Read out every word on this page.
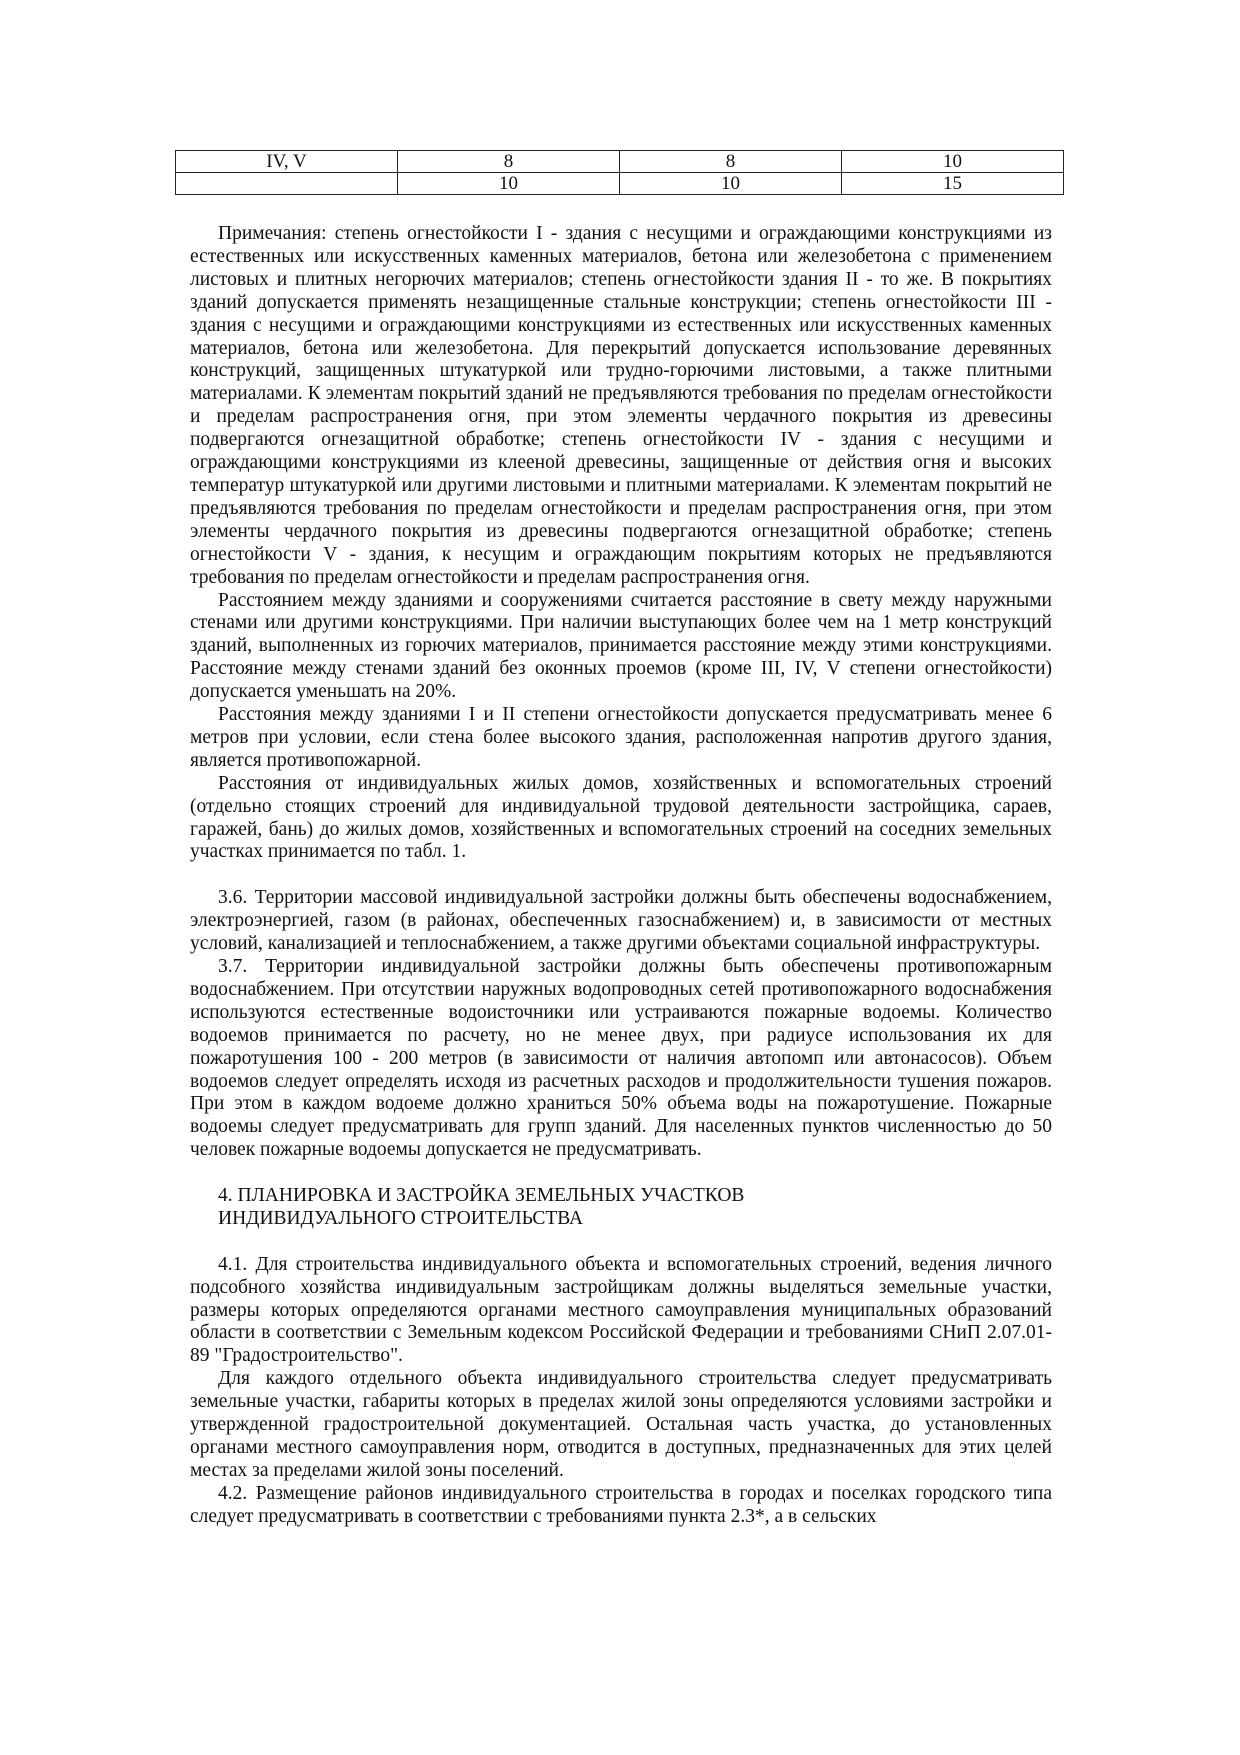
IV, V	8	8	10
	10	10	15

Примечания: степень огнестойкости I - здания с несущими и ограждающими конструкциями из естественных или искусственных каменных материалов, бетона или железобетона с применением листовых и плитных негорючих материалов; степень огнестойкости здания II - то же. В покрытиях зданий допускается применять незащищенные стальные конструкции; степень огнестойкости III - здания с несущими и ограждающими конструкциями из естественных или искусственных каменных материалов, бетона или железобетона. Для перекрытий допускается использование деревянных конструкций, защищенных штукатуркой или трудно-горючими листовыми, а также плитными материалами. К элементам покрытий зданий не предъявляются требования по пределам огнестойкости и пределам распространения огня, при этом элементы чердачного покрытия из древесины подвергаются огнезащитной обработке; степень огнестойкости IV - здания с несущими и ограждающими конструкциями из клееной древесины, защищенные от действия огня и высоких температур штукатуркой или другими листовыми и плитными материалами. К элементам покрытий не предъявляются требования по пределам огнестойкости и пределам распространения огня, при этом элементы чердачного покрытия из древесины подвергаются огнезащитной обработке; степень огнестойкости V - здания, к несущим и ограждающим покрытиям которых не предъявляются требования по пределам огнестойкости и пределам распространения огня.

Расстоянием между зданиями и сооружениями считается расстояние в свету между наружными стенами или другими конструкциями. При наличии выступающих более чем на 1 метр конструкций зданий, выполненных из горючих материалов, принимается расстояние между этими конструкциями. Расстояние между стенами зданий без оконных проемов (кроме III, IV, V степени огнестойкости) допускается уменьшать на 20%.

Расстояния между зданиями I и II степени огнестойкости допускается предусматривать менее 6 метров при условии, если стена более высокого здания, расположенная напротив другого здания, является противопожарной.

Расстояния от индивидуальных жилых домов, хозяйственных и вспомогательных строений (отдельно стоящих строений для индивидуальной трудовой деятельности застройщика, сараев, гаражей, бань) до жилых домов, хозяйственных и вспомогательных строений на соседних земельных участках принимается по табл. 1.

3.6. Территории массовой индивидуальной застройки должны быть обеспечены водоснабжением, электроэнергией, газом (в районах, обеспеченных газоснабжением) и, в зависимости от местных условий, канализацией и теплоснабжением, а также другими объектами социальной инфраструктуры.

3.7. Территории индивидуальной застройки должны быть обеспечены противопожарным водоснабжением. При отсутствии наружных водопроводных сетей противопожарного водоснабжения используются естественные водоисточники или устраиваются пожарные водоемы. Количество водоемов принимается по расчету, но не менее двух, при радиусе использования их для пожаротушения 100 - 200 метров (в зависимости от наличия автопомп или автонасосов). Объем водоемов следует определять исходя из расчетных расходов и продолжительности тушения пожаров. При этом в каждом водоеме должно храниться 50% объема воды на пожаротушение. Пожарные водоемы следует предусматривать для групп зданий. Для населенных пунктов численностью до 50 человек пожарные водоемы допускается не предусматривать.

4. ПЛАНИРОВКА И ЗАСТРОЙКА ЗЕМЕЛЬНЫХ УЧАСТКОВ
ИНДИВИДУАЛЬНОГО СТРОИТЕЛЬСТВА

4.1. Для строительства индивидуального объекта и вспомогательных строений, ведения личного подсобного хозяйства индивидуальным застройщикам должны выделяться земельные участки, размеры которых определяются органами местного самоуправления муниципальных образований области в соответствии с Земельным кодексом Российской Федерации и требованиями СНиП 2.07.01-89 "Градостроительство".

Для каждого отдельного объекта индивидуального строительства следует предусматривать земельные участки, габариты которых в пределах жилой зоны определяются условиями застройки и утвержденной градостроительной документацией. Остальная часть участка, до установленных органами местного самоуправления норм, отводится в доступных, предназначенных для этих целей местах за пределами жилой зоны поселений.

4.2. Размещение районов индивидуального строительства в городах и поселках городского типа следует предусматривать в соответствии с требованиями пункта 2.3*, а в сельских
